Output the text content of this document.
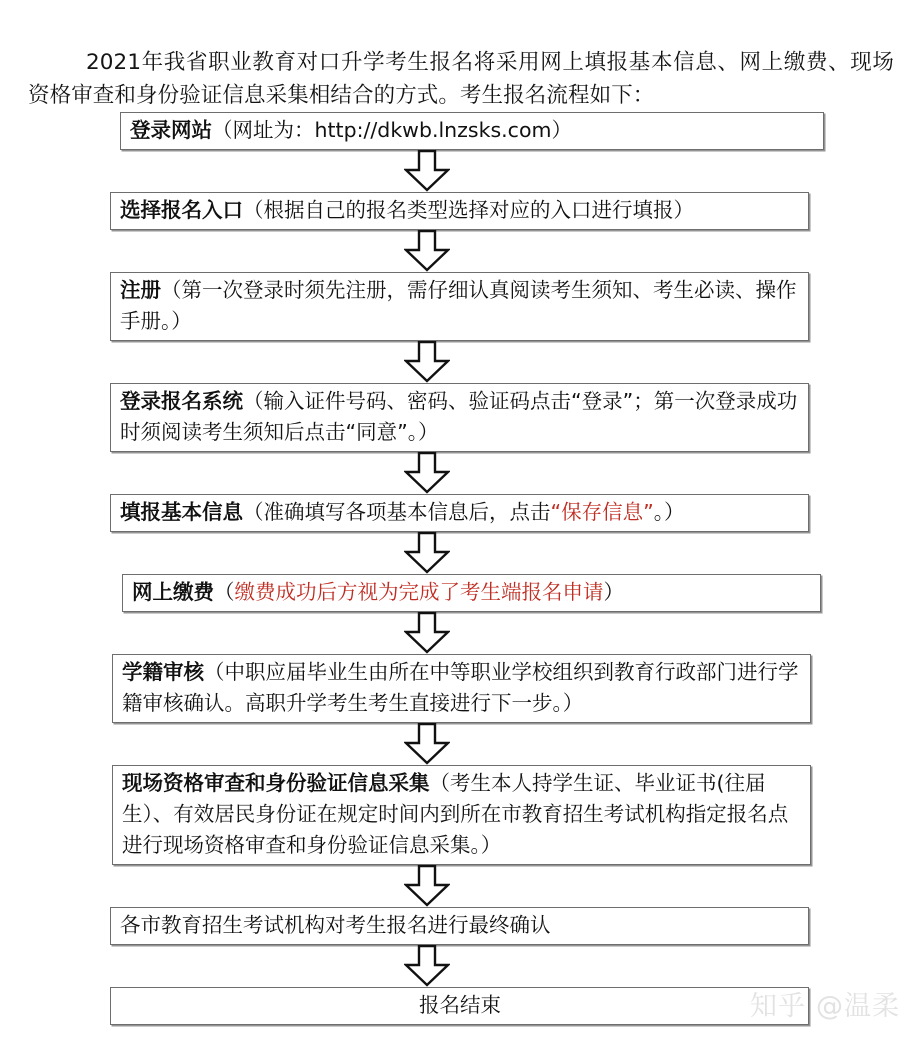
2021年我省职业教育对口升学考生报名将采用网上填报基本信息、网上缴费、现场资格审查和身份验证信息采集相结合的方式。考生报名流程如下：

登录网站（网址为：http://dkwb.lnzsks.com）
选择报名入口（根据自己的报名类型选择对应的入口进行填报）
注册（第一次登录时须先注册，需仔细认真阅读考生须知、考生必读、操作手册。）
登录报名系统（输入证件号码、密码、验证码点击“登录”；第一次登录成功时须阅读考生须知后点击“同意”。）
填报基本信息（准确填写各项基本信息后，点击“保存信息”。）
网上缴费（缴费成功后方视为完成了考生端报名申请）
学籍审核（中职应届毕业生由所在中等职业学校组织到教育行政部门进行学籍审核确认。高职升学考生考生直接进行下一步。）
现场资格审查和身份验证信息采集（考生本人持学生证、毕业证书(往届生）、有效居民身份证在规定时间内到所在市教育招生考试机构指定报名点进行现场资格审查和身份验证信息采集。）
各市教育招生考试机构对考生报名进行最终确认
报名结束	知乎 @温柔
